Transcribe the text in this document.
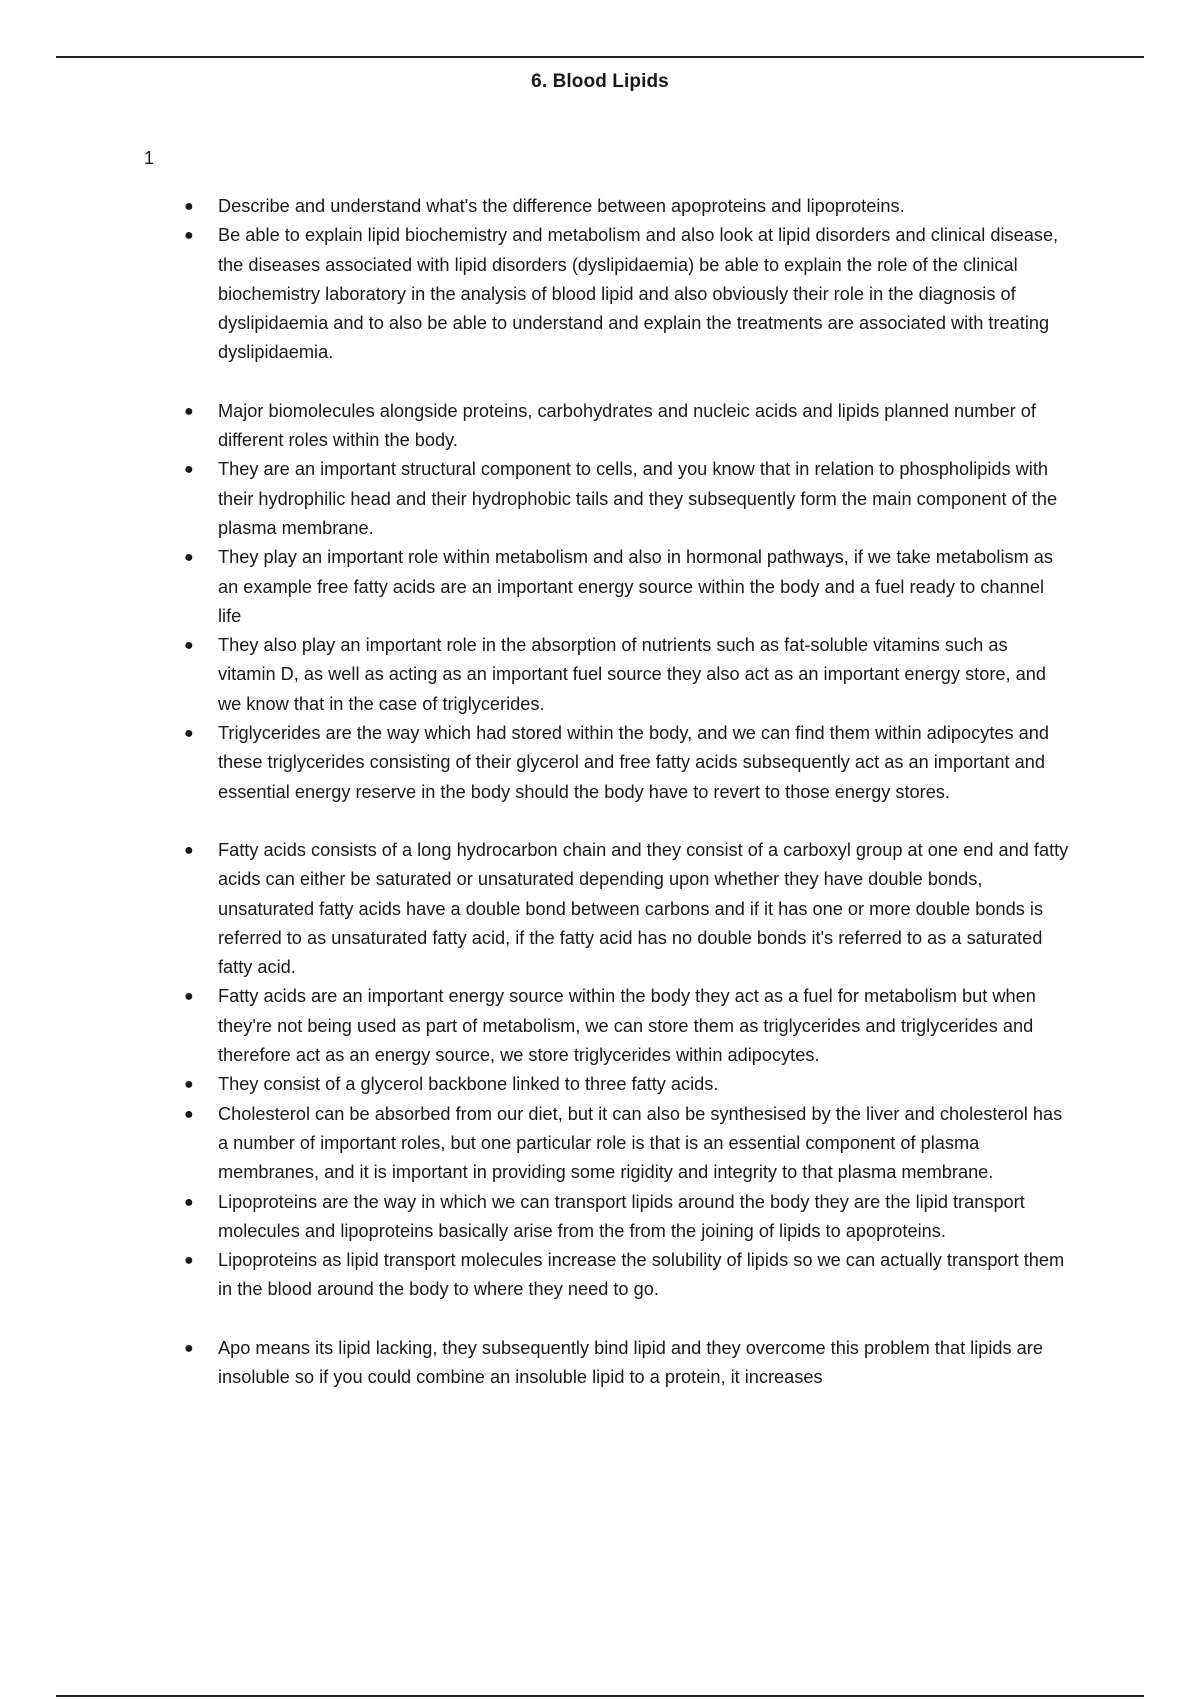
6. Blood Lipids
1
● Describe and understand what's the difference between apoproteins and lipoproteins.
● Be able to explain lipid biochemistry and metabolism and also look at lipid disorders and clinical disease, the diseases associated with lipid disorders (dyslipidaemia) be able to explain the role of the clinical biochemistry laboratory in the analysis of blood lipid and also obviously their role in the diagnosis of dyslipidaemia and to also be able to understand and explain the treatments are associated with treating dyslipidaemia.
● Major biomolecules alongside proteins, carbohydrates and nucleic acids and lipids planned number of different roles within the body.
● They are an important structural component to cells, and you know that in relation to phospholipids with their hydrophilic head and their hydrophobic tails and they subsequently form the main component of the plasma membrane.
● They play an important role within metabolism and also in hormonal pathways, if we take metabolism as an example free fatty acids are an important energy source within the body and a fuel ready to channel life
● They also play an important role in the absorption of nutrients such as fat-soluble vitamins such as vitamin D, as well as acting as an important fuel source they also act as an important energy store, and we know that in the case of triglycerides.
● Triglycerides are the way which had stored within the body, and we can find them within adipocytes and these triglycerides consisting of their glycerol and free fatty acids subsequently act as an important and essential energy reserve in the body should the body have to revert to those energy stores.
● Fatty acids consists of a long hydrocarbon chain and they consist of a carboxyl group at one end and fatty acids can either be saturated or unsaturated depending upon whether they have double bonds, unsaturated fatty acids have a double bond between carbons and if it has one or more double bonds is referred to as unsaturated fatty acid, if the fatty acid has no double bonds it's referred to as a saturated fatty acid.
● Fatty acids are an important energy source within the body they act as a fuel for metabolism but when they're not being used as part of metabolism, we can store them as triglycerides and triglycerides and therefore act as an energy source, we store triglycerides within adipocytes.
● They consist of a glycerol backbone linked to three fatty acids.
● Cholesterol can be absorbed from our diet, but it can also be synthesised by the liver and cholesterol has a number of important roles, but one particular role is that is an essential component of plasma membranes, and it is important in providing some rigidity and integrity to that plasma membrane.
● Lipoproteins are the way in which we can transport lipids around the body they are the lipid transport molecules and lipoproteins basically arise from the from the joining of lipids to apoproteins.
● Lipoproteins as lipid transport molecules increase the solubility of lipids so we can actually transport them in the blood around the body to where they need to go.
● Apo means its lipid lacking, they subsequently bind lipid and they overcome this problem that lipids are insoluble so if you could combine an insoluble lipid to a protein, it increases
